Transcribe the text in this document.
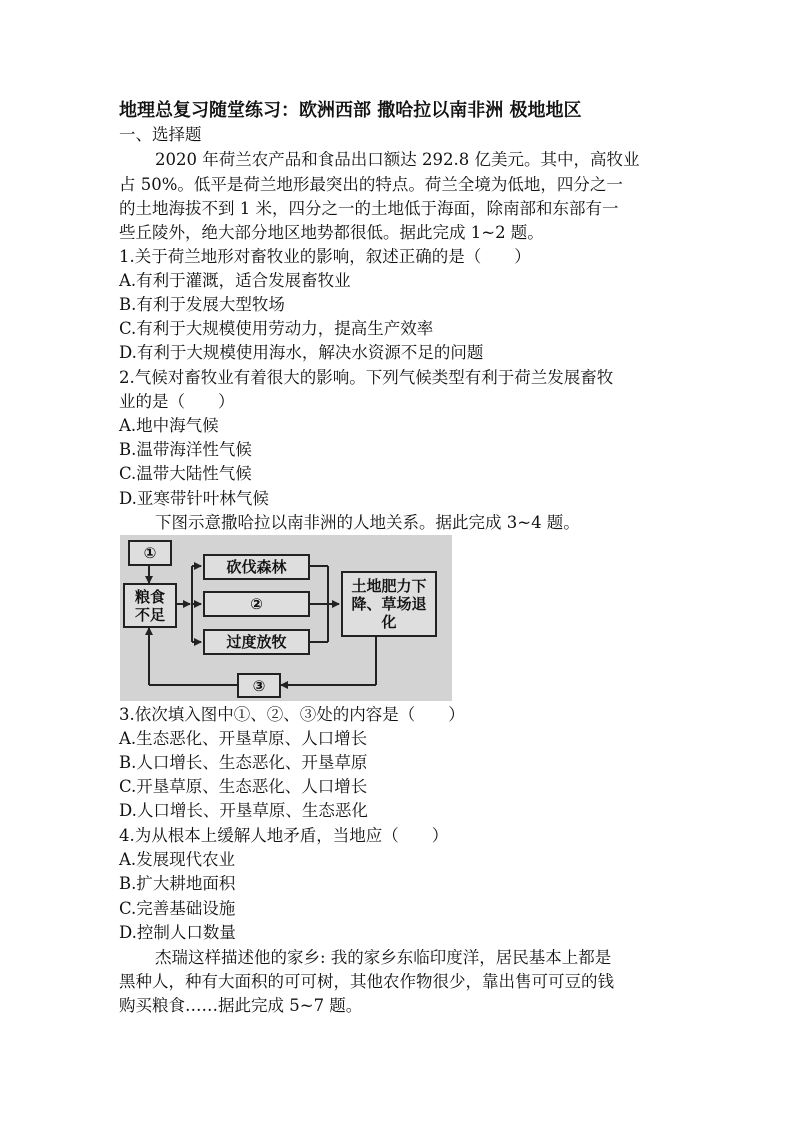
地理总复习随堂练习：欧洲西部 撒哈拉以南非洲 极地地区
一、选择题
2020 年荷兰农产品和食品出口额达 292.8 亿美元。其中，高牧业
占 50%。低平是荷兰地形最突出的特点。荷兰全境为低地，四分之一
的土地海拔不到 1 米，四分之一的土地低于海面，除南部和东部有一
些丘陵外，绝大部分地区地势都很低。据此完成 1~2 题。
1.关于荷兰地形对畜牧业的影响，叙述正确的是（　　）
A.有利于灌溉，适合发展畜牧业
B.有利于发展大型牧场
C.有利于大规模使用劳动力，提高生产效率
D.有利于大规模使用海水，解决水资源不足的问题
2.气候对畜牧业有着很大的影响。下列气候类型有利于荷兰发展畜牧
业的是（　　）
A.地中海气候
B.温带海洋性气候
C.温带大陆性气候
D.亚寒带针叶林气候
下图示意撒哈拉以南非洲的人地关系。据此完成 3~4 题。
①
粮食不足
砍伐森林
②
过度放牧
土地肥力下降、草场退化
③
3.依次填入图中①、②、③处的内容是（　　）
A.生态恶化、开垦草原、人口增长
B.人口增长、生态恶化、开垦草原
C.开垦草原、生态恶化、人口增长
D.人口增长、开垦草原、生态恶化
4.为从根本上缓解人地矛盾，当地应（　　）
A.发展现代农业
B.扩大耕地面积
C.完善基础设施
D.控制人口数量
杰瑞这样描述他的家乡: 我的家乡东临印度洋，居民基本上都是
黑种人，种有大面积的可可树，其他农作物很少，靠出售可可豆的钱
购买粮食……据此完成 5~7 题。
